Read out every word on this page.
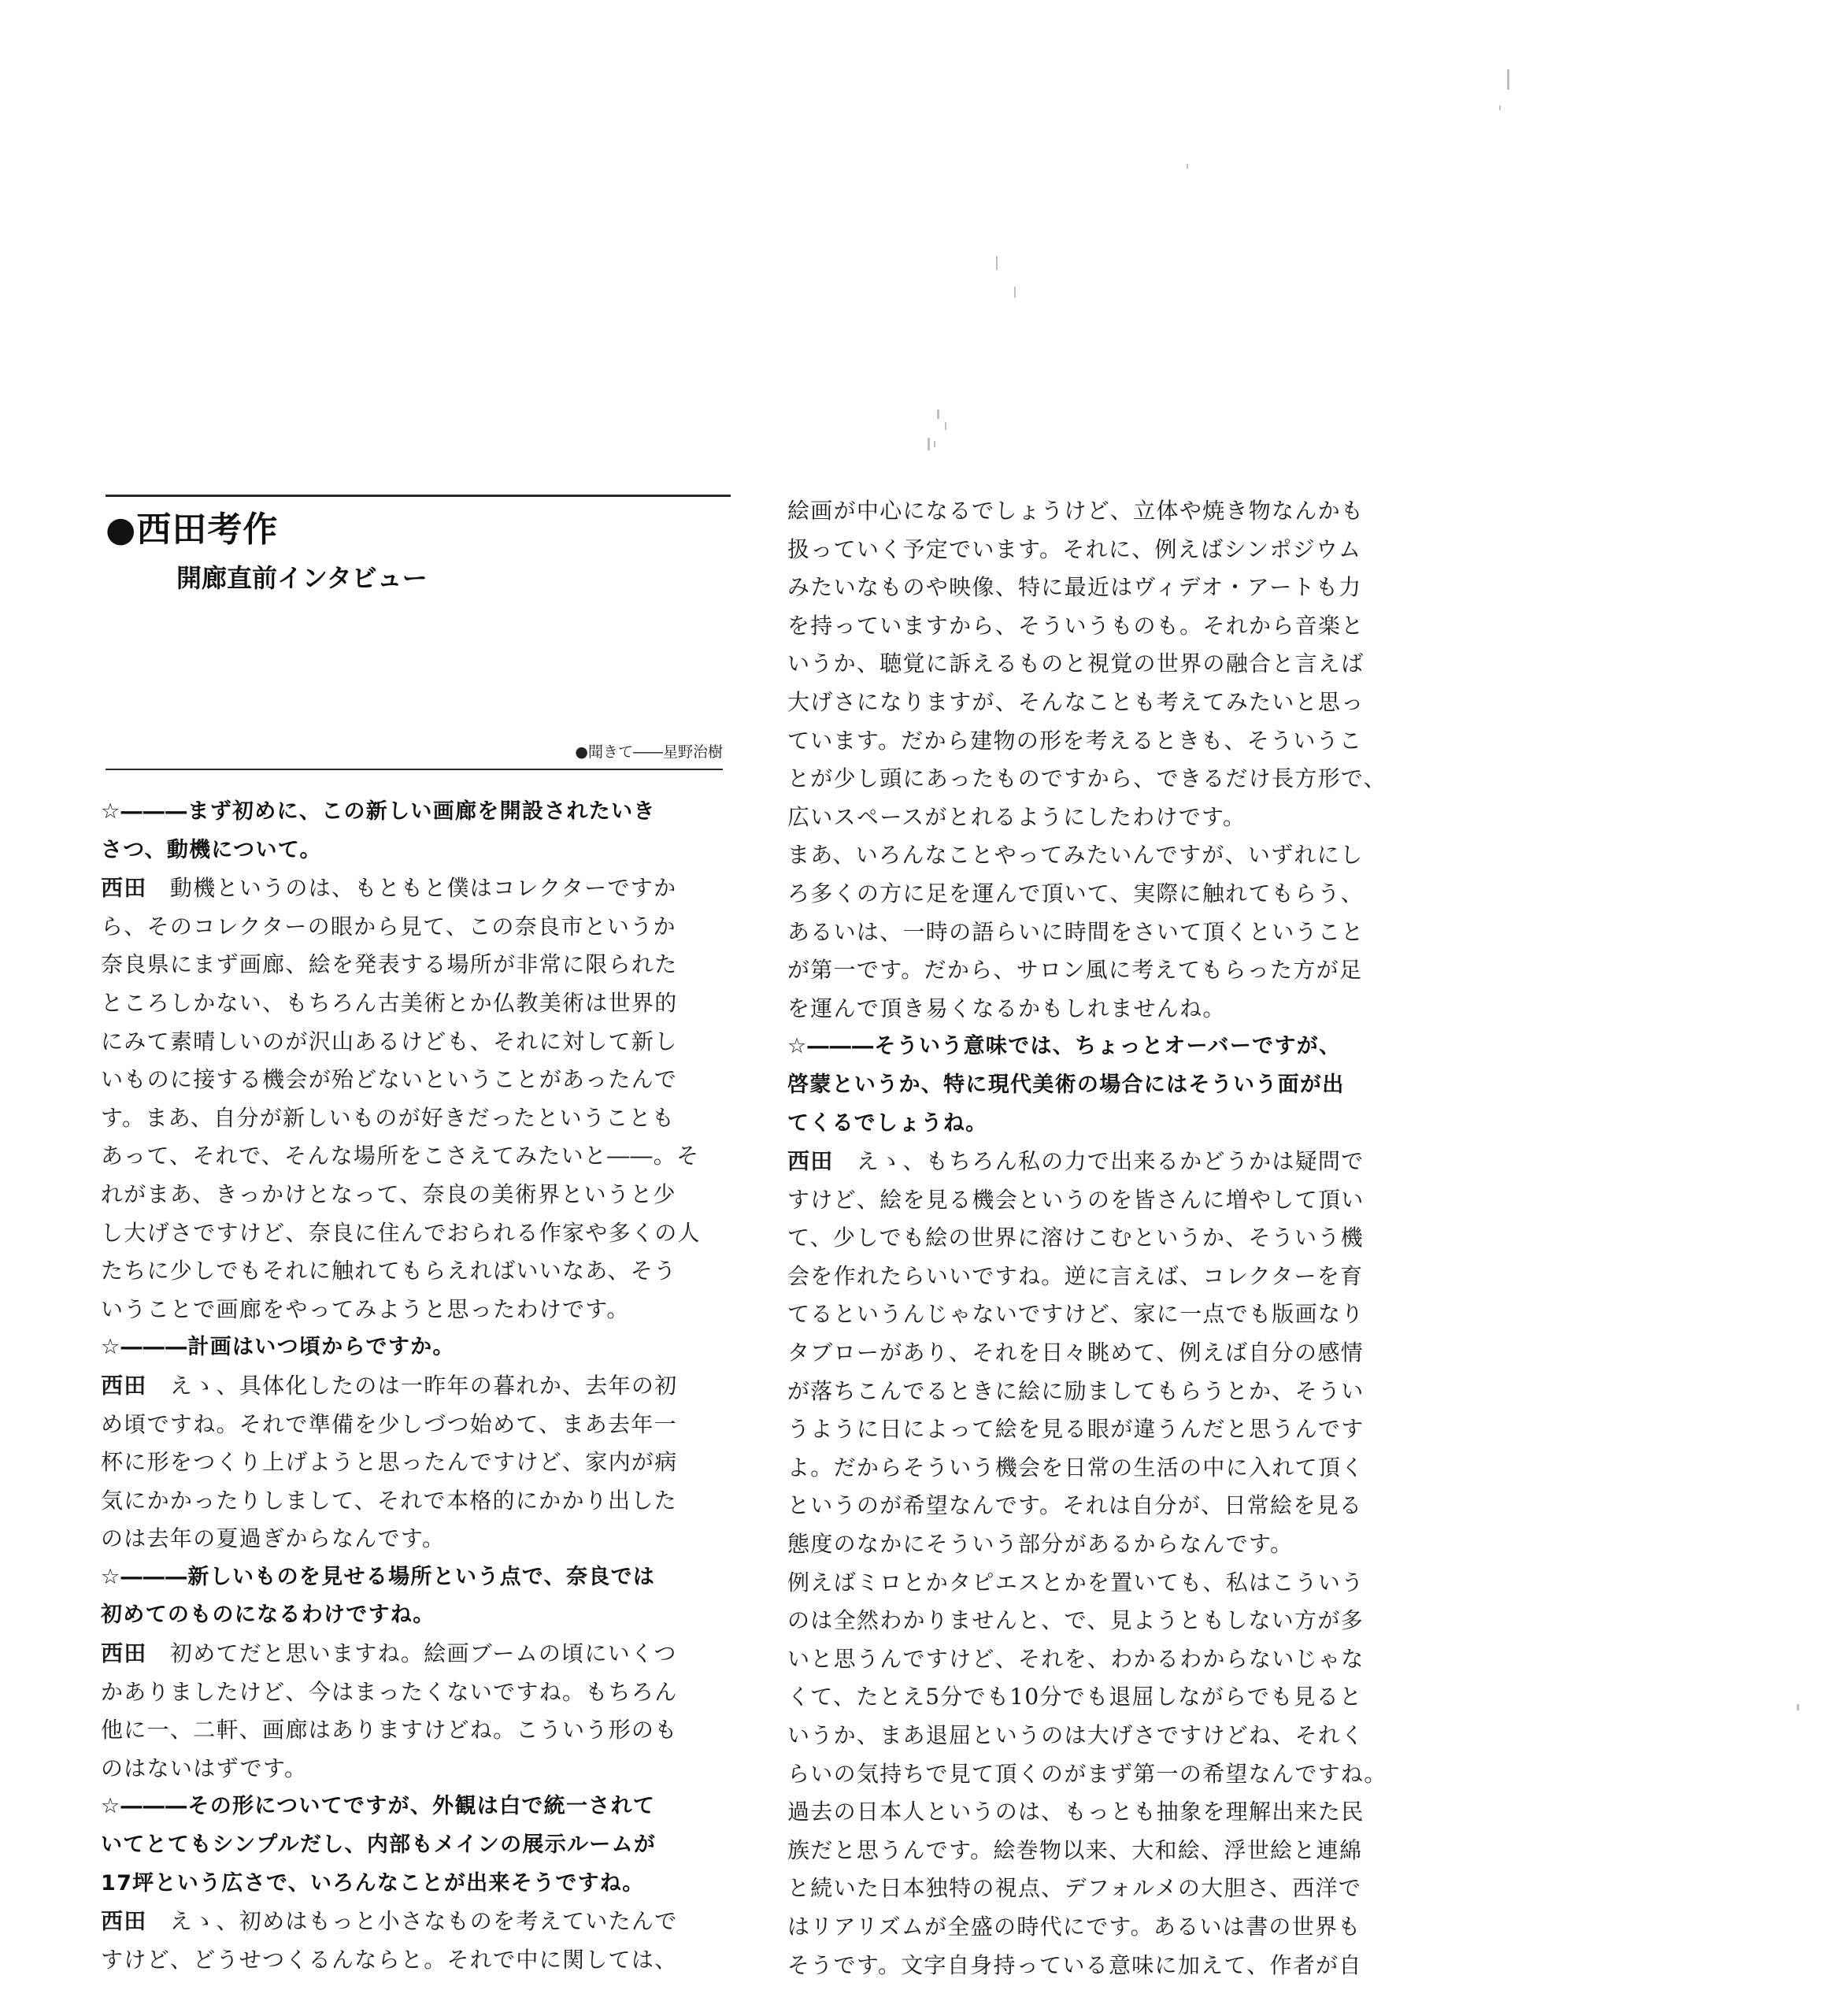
●西田考作
開廊直前インタビュー
●聞きて――星野治樹
☆―――まず初めに、この新しい画廊を開設されたいき
さつ、動機について。
西田　動機というのは、もともと僕はコレクターですか
ら、そのコレクターの眼から見て、この奈良市というか
奈良県にまず画廊、絵を発表する場所が非常に限られた
ところしかない、もちろん古美術とか仏教美術は世界的
にみて素晴しいのが沢山あるけども、それに対して新し
いものに接する機会が殆どないということがあったんで
す。まあ、自分が新しいものが好きだったということも
あって、それで、そんな場所をこさえてみたいと――。そ
れがまあ、きっかけとなって、奈良の美術界というと少
し大げさですけど、奈良に住んでおられる作家や多くの人
たちに少しでもそれに触れてもらえればいいなあ、そう
いうことで画廊をやってみようと思ったわけです。
☆―――計画はいつ頃からですか。
西田　えゝ、具体化したのは一昨年の暮れか、去年の初
め頃ですね。それで準備を少しづつ始めて、まあ去年一
杯に形をつくり上げようと思ったんですけど、家内が病
気にかかったりしまして、それで本格的にかかり出した
のは去年の夏過ぎからなんです。
☆―――新しいものを見せる場所という点で、奈良では
初めてのものになるわけですね。
西田　初めてだと思いますね。絵画ブームの頃にいくつ
かありましたけど、今はまったくないですね。もちろん
他に一、二軒、画廊はありますけどね。こういう形のも
のはないはずです。
☆―――その形についてですが、外観は白で統一されて
いてとてもシンプルだし、内部もメインの展示ルームが
17坪という広さで、いろんなことが出来そうですね。
西田　えゝ、初めはもっと小さなものを考えていたんで
すけど、どうせつくるんならと。それで中に関しては、
絵画が中心になるでしょうけど、立体や焼き物なんかも
扱っていく予定でいます。それに、例えばシンポジウム
みたいなものや映像、特に最近はヴィデオ・アートも力
を持っていますから、そういうものも。それから音楽と
いうか、聴覚に訴えるものと視覚の世界の融合と言えば
大げさになりますが、そんなことも考えてみたいと思っ
ています。だから建物の形を考えるときも、そういうこ
とが少し頭にあったものですから、できるだけ長方形で、
広いスペースがとれるようにしたわけです。
まあ、いろんなことやってみたいんですが、いずれにし
ろ多くの方に足を運んで頂いて、実際に触れてもらう、
あるいは、一時の語らいに時間をさいて頂くということ
が第一です。だから、サロン風に考えてもらった方が足
を運んで頂き易くなるかもしれませんね。
☆―――そういう意味では、ちょっとオーバーですが、
啓蒙というか、特に現代美術の場合にはそういう面が出
てくるでしょうね。
西田　えゝ、もちろん私の力で出来るかどうかは疑問で
すけど、絵を見る機会というのを皆さんに増やして頂い
て、少しでも絵の世界に溶けこむというか、そういう機
会を作れたらいいですね。逆に言えば、コレクターを育
てるというんじゃないですけど、家に一点でも版画なり
タブローがあり、それを日々眺めて、例えば自分の感情
が落ちこんでるときに絵に励ましてもらうとか、そうい
うように日によって絵を見る眼が違うんだと思うんです
よ。だからそういう機会を日常の生活の中に入れて頂く
というのが希望なんです。それは自分が、日常絵を見る
態度のなかにそういう部分があるからなんです。
例えばミロとかタピエスとかを置いても、私はこういう
のは全然わかりませんと、で、見ようともしない方が多
いと思うんですけど、それを、わかるわからないじゃな
くて、たとえ5分でも10分でも退屈しながらでも見ると
いうか、まあ退屈というのは大げさですけどね、それく
らいの気持ちで見て頂くのがまず第一の希望なんですね。
過去の日本人というのは、もっとも抽象を理解出来た民
族だと思うんです。絵巻物以来、大和絵、浮世絵と連綿
と続いた日本独特の視点、デフォルメの大胆さ、西洋で
はリアリズムが全盛の時代にです。あるいは書の世界も
そうです。文字自身持っている意味に加えて、作者が自
